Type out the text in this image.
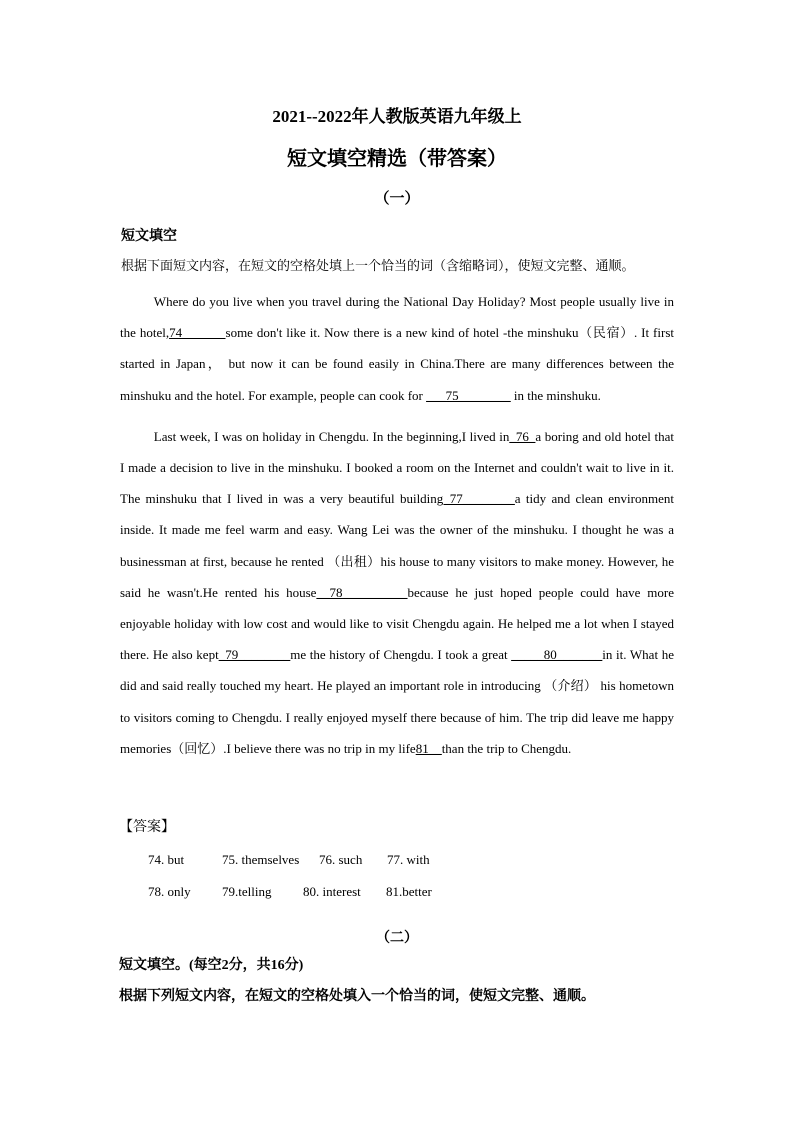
2021--2022年人教版英语九年级上
短文填空精选（带答案）
（一）
短文填空
根据下面短文内容，在短文的空格处填上一个恰当的词（含缩略词），使短文完整、通顺。

Where do you live when you travel during the National Day Holiday? Most people usually live in the hotel,74           some don't like it. Now there is a new kind of hotel -the minshuku（民宿）. It first started in Japan， but now it can be found easily in China.There are many differences between the minshuku and the hotel. For example, people can cook for ___75________ in the minshuku.

Last week, I was on holiday in Chengdu. In the beginning,I lived in_76_a boring and old hotel that I made a decision to live in the minshuku. I booked a room on the Internet and couldn't wait to live in it. The minshuku that I lived in was a very beautiful building_77________a tidy and clean environment inside. It made me feel warm and easy. Wang Lei was the owner of the minshuku. I thought he was a businessman at first, because he rented （出租）his house to many visitors to make money. However, he said he wasn't.He rented his house__78__________because he just hoped people could have more enjoyable holiday with low cost and would like to visit Chengdu again. He helped me a lot when I stayed there. He also kept_79________me the history of Chengdu. I took a great _____80_______in it. What he did and said really touched my heart. He played an important role in introducing （介绍） his hometown to visitors coming to Chengdu. I really enjoyed myself there because of him. The trip did leave me happy memories（回忆）.I believe there was no trip in my life81__than the trip to Chengdu.

【答案】
74. but	75. themselves 76. such 77. with
78. only 79.telling 80. interest 81.better
（二）
短文填空。(每空2分，共16分)
根据下列短文内容，在短文的空格处填入一个恰当的词，使短文完整、通顺。
